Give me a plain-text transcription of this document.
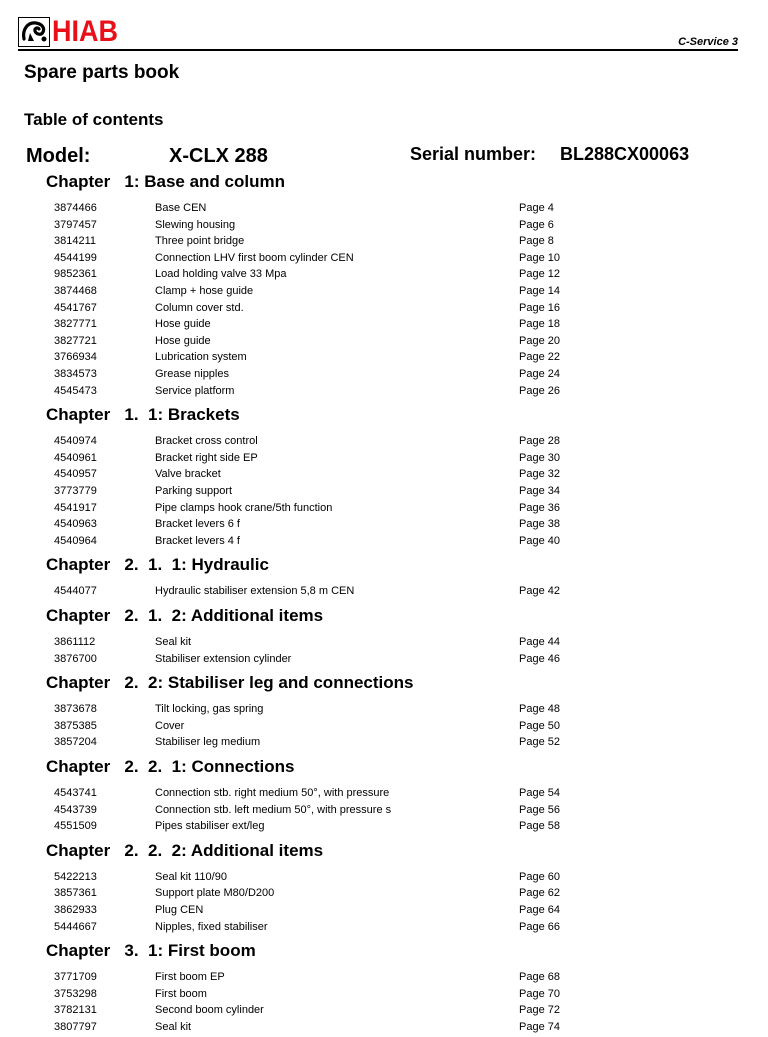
HIAB	C-Service 3
Spare parts book
Table of contents
Model:	X-CLX 288	Serial number: BL288CX00063
Chapter   1: Base and column
3874466	Base CEN	Page 4
3797457	Slewing housing	Page 6
3814211	Three point bridge	Page 8
4544199	Connection LHV first boom cylinder CEN	Page 10
9852361	Load holding valve 33 Mpa	Page 12
3874468	Clamp + hose guide	Page 14
4541767	Column cover std.	Page 16
3827771	Hose guide	Page 18
3827721	Hose guide	Page 20
3766934	Lubrication system	Page 22
3834573	Grease nipples	Page 24
4545473	Service platform	Page 26
Chapter   1.  1: Brackets
4540974	Bracket cross control	Page 28
4540961	Bracket right side EP	Page 30
4540957	Valve bracket	Page 32
3773779	Parking support	Page 34
4541917	Pipe clamps hook crane/5th function	Page 36
4540963	Bracket levers 6 f	Page 38
4540964	Bracket levers 4 f	Page 40
Chapter   2.  1.  1: Hydraulic
4544077	Hydraulic stabiliser extension 5,8 m CEN	Page 42
Chapter   2.  1.  2: Additional items
3861112	Seal kit	Page 44
3876700	Stabiliser extension cylinder	Page 46
Chapter   2.  2: Stabiliser leg and connections
3873678	Tilt locking, gas spring	Page 48
3875385	Cover	Page 50
3857204	Stabiliser leg medium	Page 52
Chapter   2.  2.  1: Connections
4543741	Connection stb. right medium 50°, with pressure	Page 54
4543739	Connection stb. left medium 50°, with pressure s	Page 56
4551509	Pipes stabiliser ext/leg	Page 58
Chapter   2.  2.  2: Additional items
5422213	Seal kit 110/90	Page 60
3857361	Support plate M80/D200	Page 62
3862933	Plug CEN	Page 64
5444667	Nipples, fixed stabiliser	Page 66
Chapter   3.  1: First boom
3771709	First boom EP	Page 68
3753298	First boom	Page 70
3782131	Second boom cylinder	Page 72
3807797	Seal kit	Page 74
